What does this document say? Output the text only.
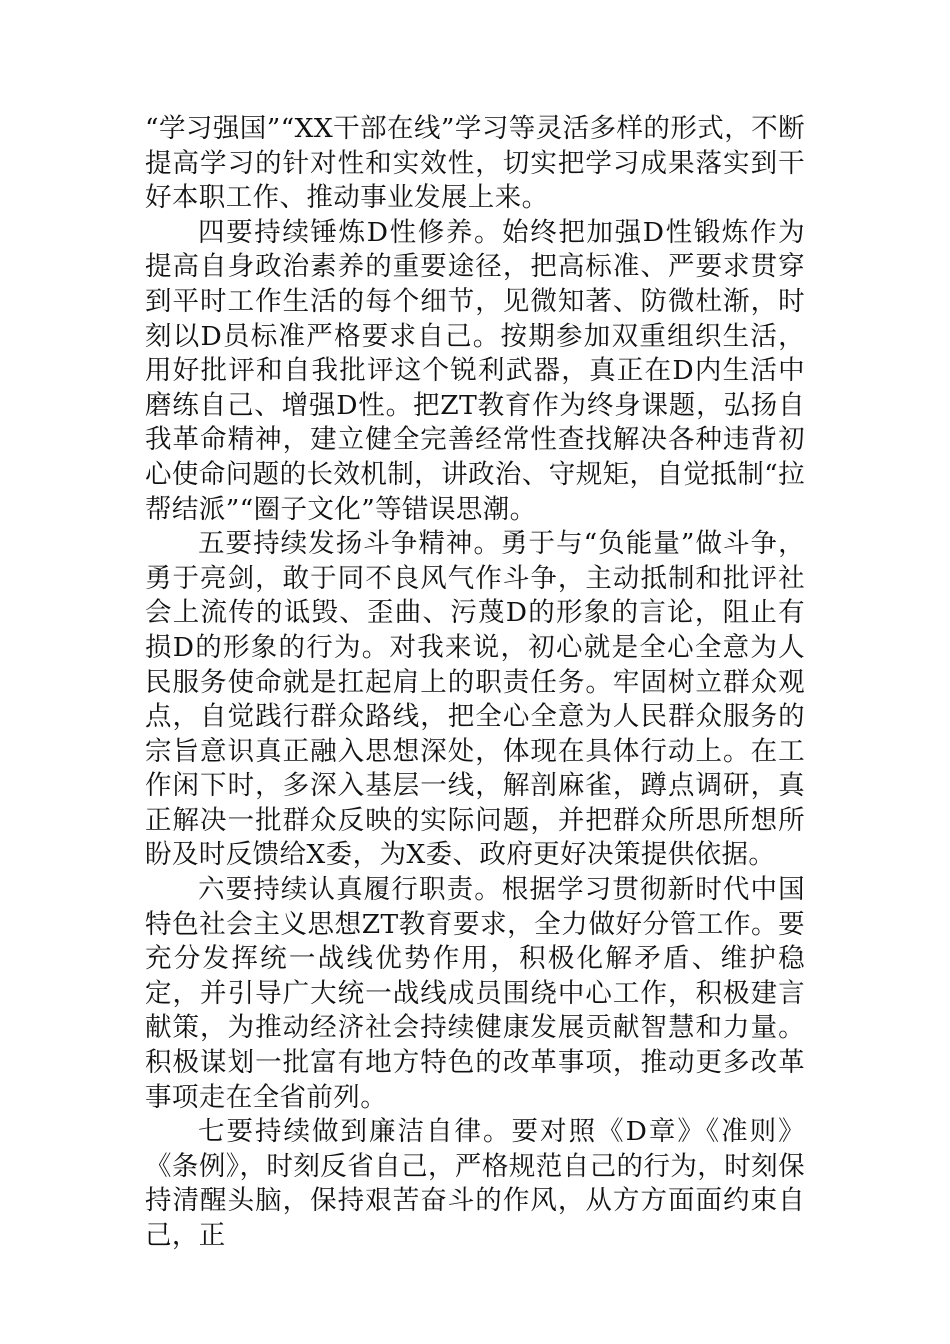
“学习强国”“XX干部在线”学习等灵活多样的形式，不断提高学习的针对性和实效性，切实把学习成果落实到干好本职工作、推动事业发展上来。

四要持续锤炼D性修养。始终把加强D性锻炼作为提高自身政治素养的重要途径，把高标准、严要求贯穿到平时工作生活的每个细节，见微知著、防微杜渐，时刻以D员标准严格要求自己。按期参加双重组织生活，用好批评和自我批评这个锐利武器，真正在D内生活中磨练自己、增强D性。把ZT教育作为终身课题，弘扬自我革命精神，建立健全完善经常性查找解决各种违背初心使命问题的长效机制，讲政治、守规矩，自觉抵制“拉帮结派”“圈子文化”等错误思潮。

五要持续发扬斗争精神。勇于与“负能量”做斗争，勇于亮剑，敢于同不良风气作斗争，主动抵制和批评社会上流传的诋毁、歪曲、污蔑D的形象的言论，阻止有损D的形象的行为。对我来说，初心就是全心全意为人民服务使命就是扛起肩上的职责任务。牢固树立群众观点，自觉践行群众路线，把全心全意为人民群众服务的宗旨意识真正融入思想深处，体现在具体行动上。在工作闲下时，多深入基层一线，解剖麻雀，蹲点调研，真正解决一批群众反映的实际问题，并把群众所思所想所盼及时反馈给X委，为X委、政府更好决策提供依据。

六要持续认真履行职责。根据学习贯彻新时代中国特色社会主义思想ZT教育要求，全力做好分管工作。要充分发挥统一战线优势作用，积极化解矛盾、维护稳定，并引导广大统一战线成员围绕中心工作，积极建言献策，为推动经济社会持续健康发展贡献智慧和力量。积极谋划一批富有地方特色的改革事项，推动更多改革事项走在全省前列。

七要持续做到廉洁自律。要对照《D章》《准则》《条例》，时刻反省自己，严格规范自己的行为，时刻保持清醒头脑，保持艰苦奋斗的作风，从方方面面约束自己，正
